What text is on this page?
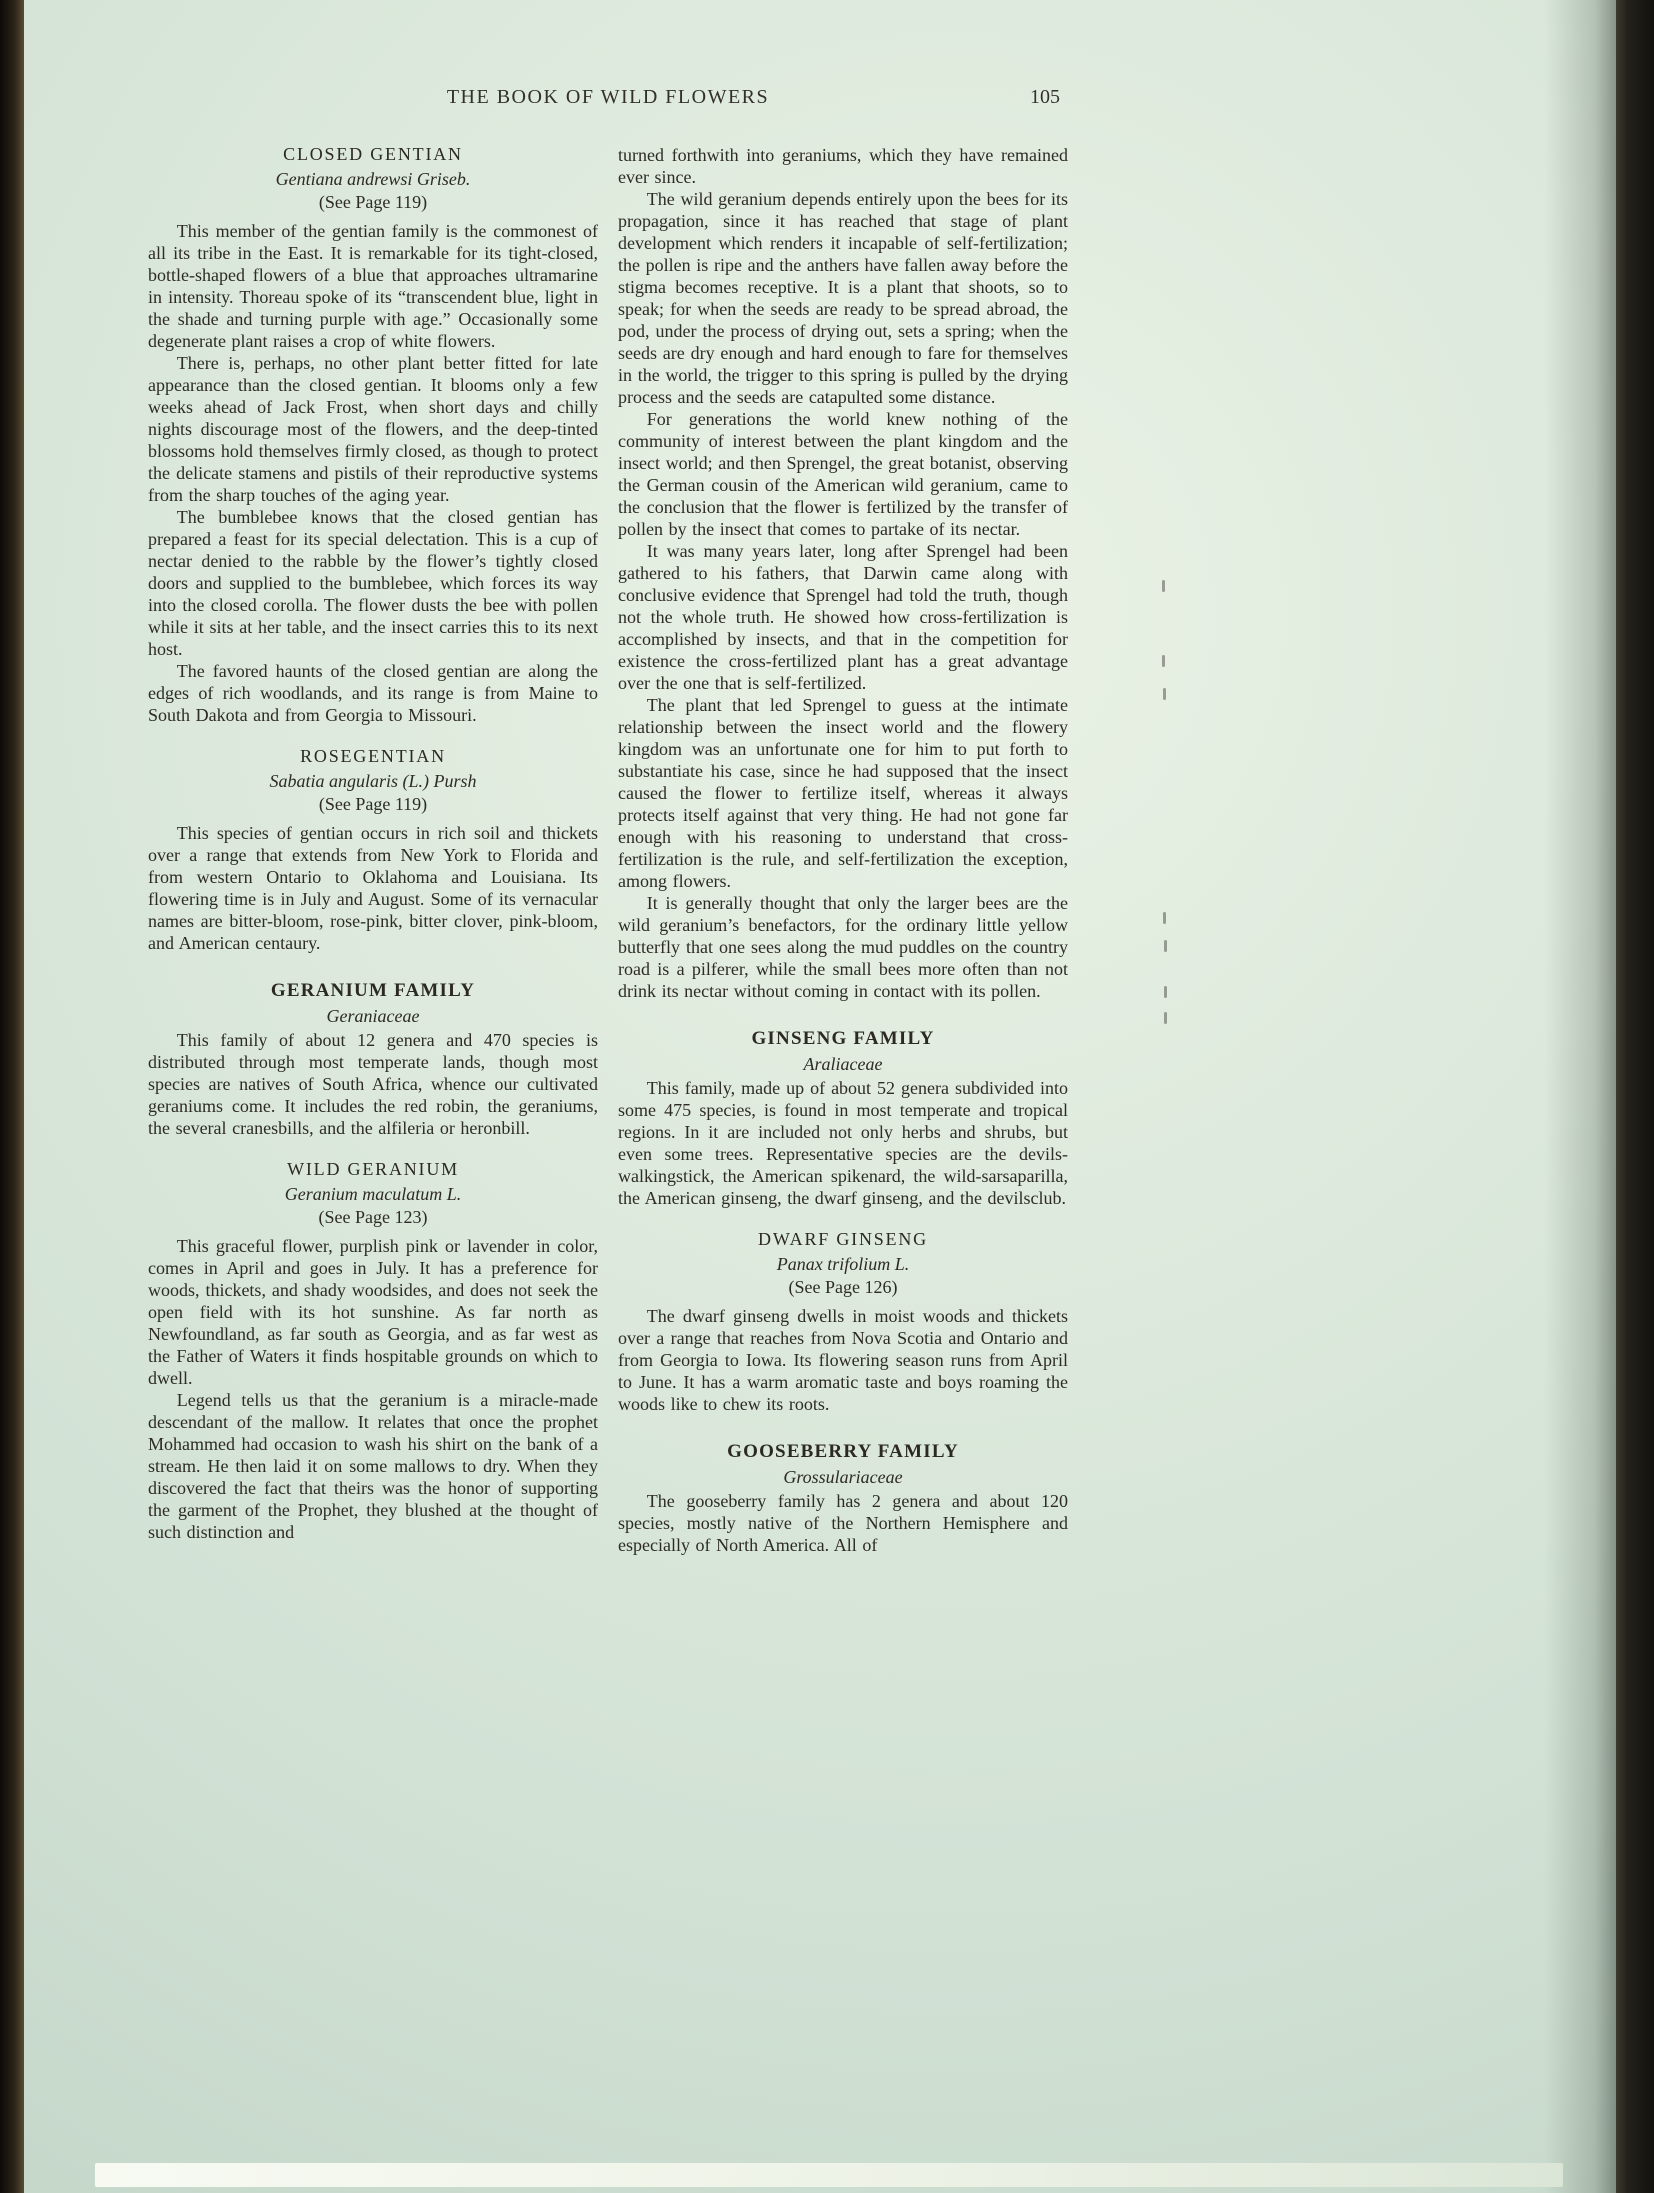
THE BOOK OF WILD FLOWERS	105
CLOSED GENTIAN
Gentiana andrewsi Griseb.
(See Page 119)

This member of the gentian family is the commonest of all its tribe in the East. It is remarkable for its tight-closed, bottle-shaped flowers of a blue that approaches ultramarine in intensity. Thoreau spoke of its “transcendent blue, light in the shade and turning purple with age.” Occasionally some degenerate plant raises a crop of white flowers.

There is, perhaps, no other plant better fitted for late appearance than the closed gentian. It blooms only a few weeks ahead of Jack Frost, when short days and chilly nights discourage most of the flowers, and the deep-tinted blossoms hold themselves firmly closed, as though to protect the delicate stamens and pistils of their reproductive systems from the sharp touches of the aging year.

The bumblebee knows that the closed gentian has prepared a feast for its special delectation. This is a cup of nectar denied to the rabble by the flower’s tightly closed doors and supplied to the bumblebee, which forces its way into the closed corolla. The flower dusts the bee with pollen while it sits at her table, and the insect carries this to its next host.

The favored haunts of the closed gentian are along the edges of rich woodlands, and its range is from Maine to South Dakota and from Georgia to Missouri.

ROSEGENTIAN
Sabatia angularis (L.) Pursh
(See Page 119)

This species of gentian occurs in rich soil and thickets over a range that extends from New York to Florida and from western Ontario to Oklahoma and Louisiana. Its flowering time is in July and August. Some of its vernacular names are bitter-bloom, rose-pink, bitter clover, pink-bloom, and American centaury.

GERANIUM FAMILY
Geraniaceae

This family of about 12 genera and 470 species is distributed through most temperate lands, though most species are natives of South Africa, whence our cultivated geraniums come. It includes the red robin, the geraniums, the several cranesbills, and the alfileria or heronbill.

WILD GERANIUM
Geranium maculatum L.
(See Page 123)

This graceful flower, purplish pink or lavender in color, comes in April and goes in July. It has a preference for woods, thickets, and shady woodsides, and does not seek the open field with its hot sunshine. As far north as Newfoundland, as far south as Georgia, and as far west as the Father of Waters it finds hospitable grounds on which to dwell.

Legend tells us that the geranium is a miracle-made descendant of the mallow. It relates that once the prophet Mohammed had occasion to wash his shirt on the bank of a stream. He then laid it on some mallows to dry. When they discovered the fact that theirs was the honor of supporting the garment of the Prophet, they blushed at the thought of such distinction and

turned forthwith into geraniums, which they have remained ever since.

The wild geranium depends entirely upon the bees for its propagation, since it has reached that stage of plant development which renders it incapable of self-fertilization; the pollen is ripe and the anthers have fallen away before the stigma becomes receptive. It is a plant that shoots, so to speak; for when the seeds are ready to be spread abroad, the pod, under the process of drying out, sets a spring; when the seeds are dry enough and hard enough to fare for themselves in the world, the trigger to this spring is pulled by the drying process and the seeds are catapulted some distance.

For generations the world knew nothing of the community of interest between the plant kingdom and the insect world; and then Sprengel, the great botanist, observing the German cousin of the American wild geranium, came to the conclusion that the flower is fertilized by the transfer of pollen by the insect that comes to partake of its nectar.

It was many years later, long after Sprengel had been gathered to his fathers, that Darwin came along with conclusive evidence that Sprengel had told the truth, though not the whole truth. He showed how cross-fertilization is accomplished by insects, and that in the competition for existence the cross-fertilized plant has a great advantage over the one that is self-fertilized.

The plant that led Sprengel to guess at the intimate relationship between the insect world and the flowery kingdom was an unfortunate one for him to put forth to substantiate his case, since he had supposed that the insect caused the flower to fertilize itself, whereas it always protects itself against that very thing. He had not gone far enough with his reasoning to understand that cross-fertilization is the rule, and self-fertilization the exception, among flowers.

It is generally thought that only the larger bees are the wild geranium’s benefactors, for the ordinary little yellow butterfly that one sees along the mud puddles on the country road is a pilferer, while the small bees more often than not drink its nectar without coming in contact with its pollen.

GINSENG FAMILY
Araliaceae

This family, made up of about 52 genera subdivided into some 475 species, is found in most temperate and tropical regions. In it are included not only herbs and shrubs, but even some trees. Representative species are the devils-walkingstick, the American spikenard, the wild-sarsaparilla, the American ginseng, the dwarf ginseng, and the devilsclub.

DWARF GINSENG
Panax trifolium L.
(See Page 126)

The dwarf ginseng dwells in moist woods and thickets over a range that reaches from Nova Scotia and Ontario and from Georgia to Iowa. Its flowering season runs from April to June. It has a warm aromatic taste and boys roaming the woods like to chew its roots.

GOOSEBERRY FAMILY
Grossulariaceae

The gooseberry family has 2 genera and about 120 species, mostly native of the Northern Hemisphere and especially of North America. All of
